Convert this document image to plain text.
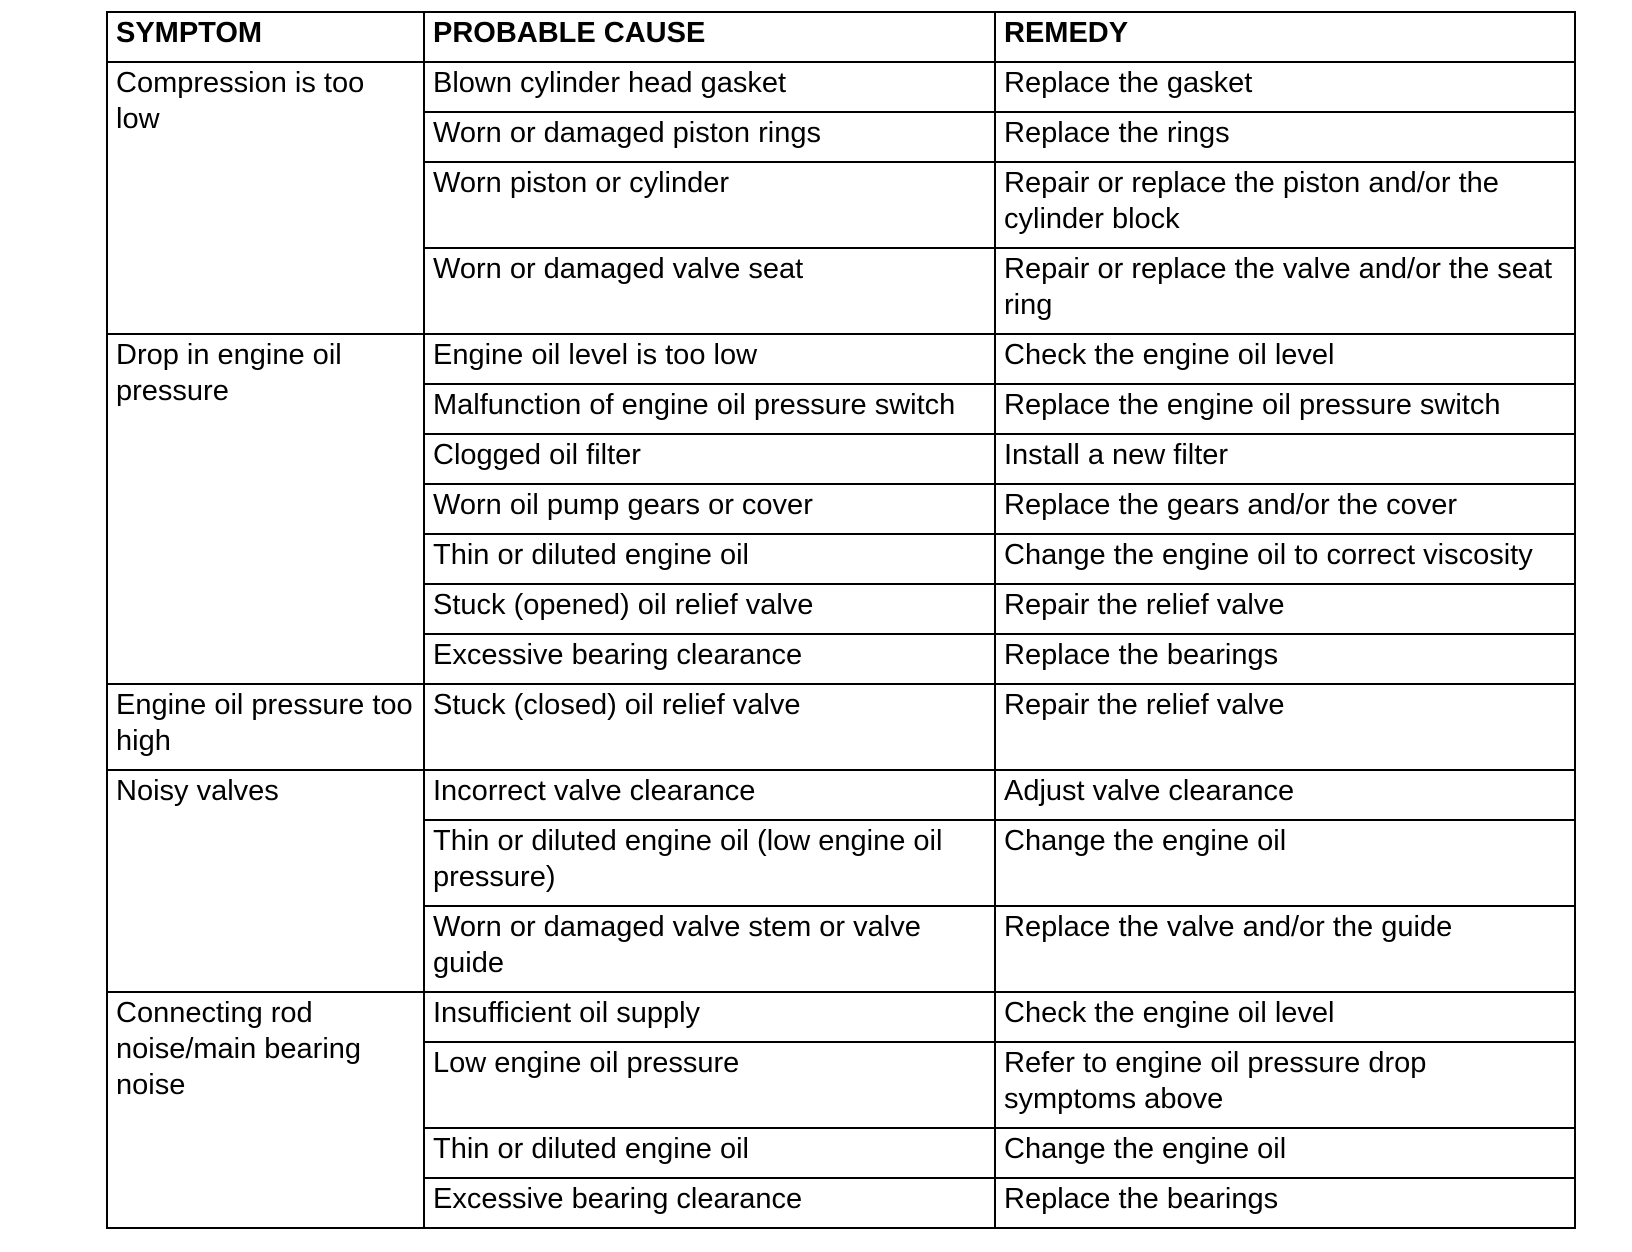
SYMPTOM	PROBABLE CAUSE	REMEDY
Compression is too low	Blown cylinder head gasket	Replace the gasket
	Worn or damaged piston rings	Replace the rings
	Worn piston or cylinder	Repair or replace the piston and/or the cylinder block
	Worn or damaged valve seat	Repair or replace the valve and/or the seat ring
Drop in engine oil pressure	Engine oil level is too low	Check the engine oil level
	Malfunction of engine oil pressure switch	Replace the engine oil pressure switch
	Clogged oil filter	Install a new filter
	Worn oil pump gears or cover	Replace the gears and/or the cover
	Thin or diluted engine oil	Change the engine oil to correct viscosity
	Stuck (opened) oil relief valve	Repair the relief valve
	Excessive bearing clearance	Replace the bearings
Engine oil pressure too high	Stuck (closed) oil relief valve	Repair the relief valve
Noisy valves	Incorrect valve clearance	Adjust valve clearance
	Thin or diluted engine oil (low engine oil pressure)	Change the engine oil
	Worn or damaged valve stem or valve guide	Replace the valve and/or the guide
Connecting rod noise/main bearing noise	Insufficient oil supply	Check the engine oil level
	Low engine oil pressure	Refer to engine oil pressure drop symptoms above
	Thin or diluted engine oil	Change the engine oil
	Excessive bearing clearance	Replace the bearings
